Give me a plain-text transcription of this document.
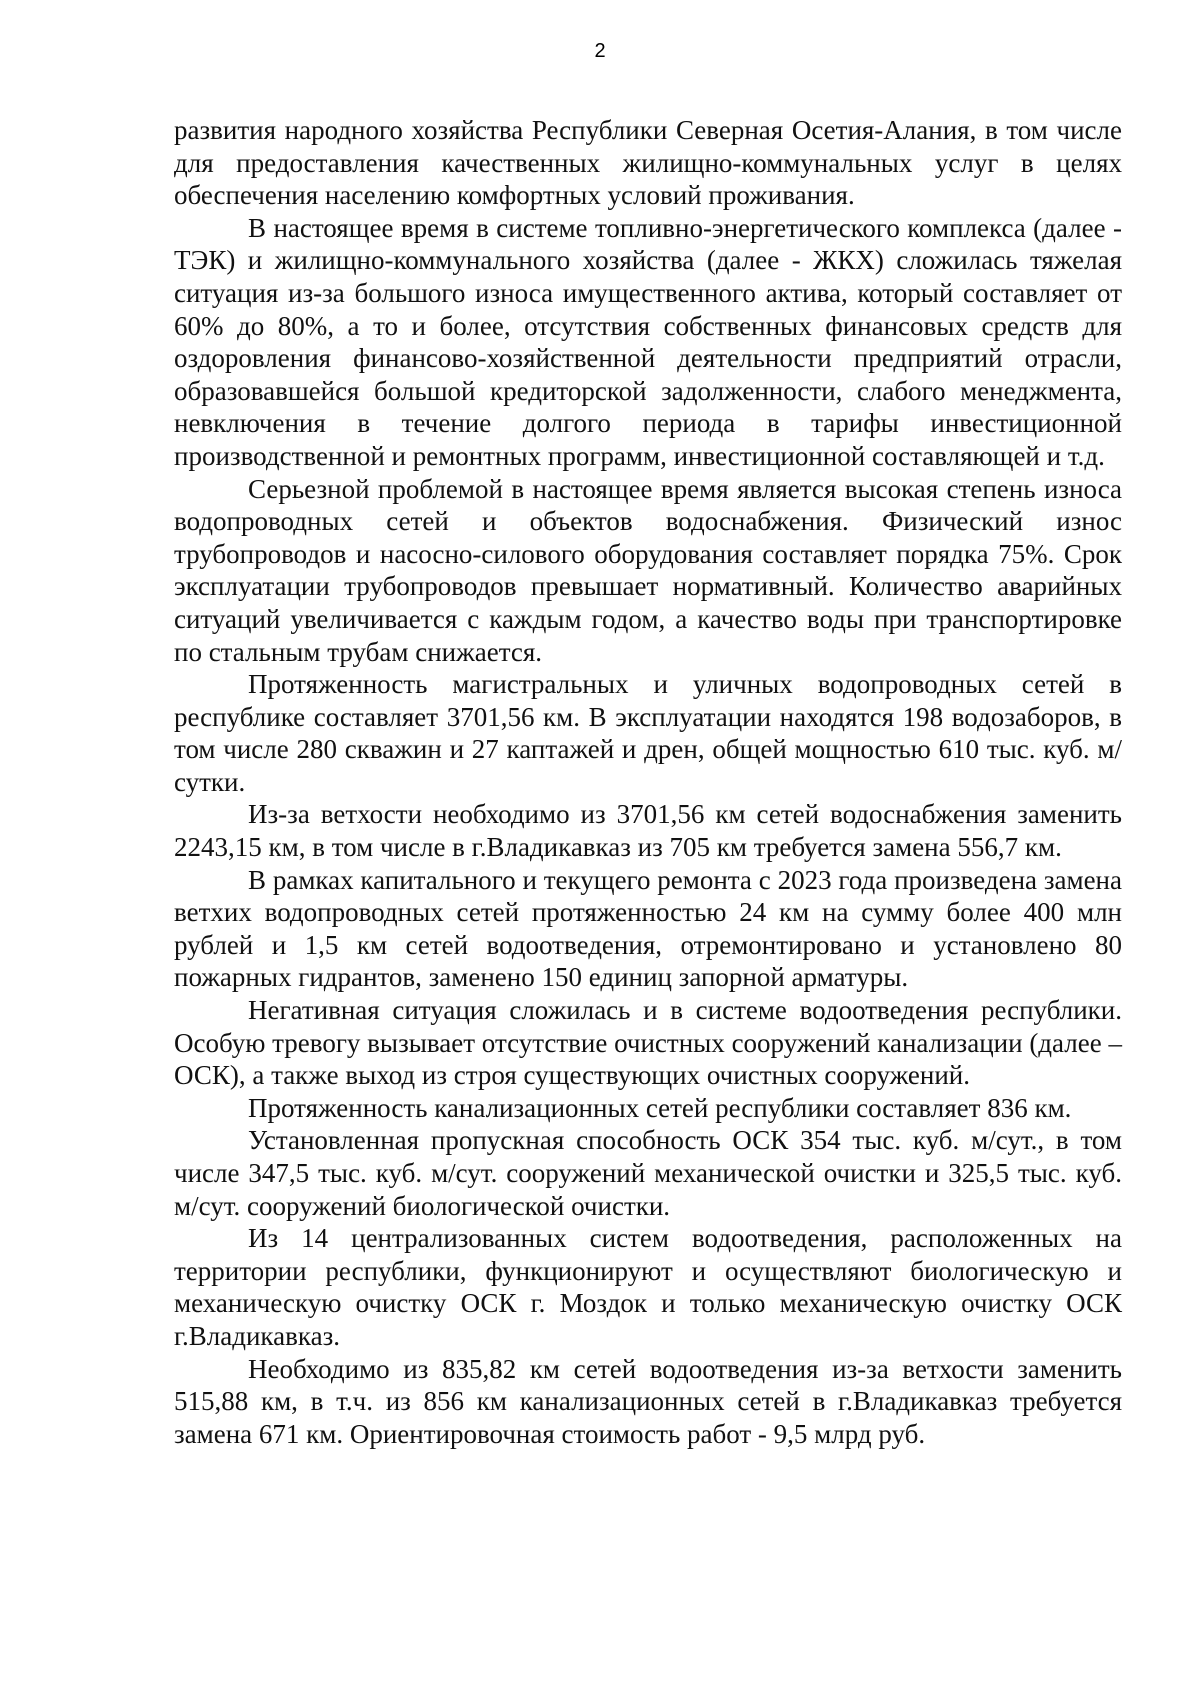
2

развития народного хозяйства Республики Северная Осетия-Алания, в том числе для предоставления качественных жилищно-коммунальных услуг в целях обеспечения населению комфортных условий проживания.

В настоящее время в системе топливно-энергетического комплекса (далее - ТЭК) и жилищно-коммунального хозяйства (далее - ЖКХ) сложилась тяжелая ситуация из-за большого износа имущественного актива, который составляет от 60% до 80%, а то и более, отсутствия собственных финансовых средств для оздоровления финансово-хозяйственной деятельности предприятий отрасли, образовавшейся большой кредиторской задолженности, слабого менеджмента, невключения в течение долгого периода в тарифы инвестиционной производственной и ремонтных программ, инвестиционной составляющей и т.д.

Серьезной проблемой в настоящее время является высокая степень износа водопроводных сетей и объектов водоснабжения. Физический износ трубопроводов и насосно-силового оборудования составляет порядка 75%. Срок эксплуатации трубопроводов превышает нормативный. Количество аварийных ситуаций увеличивается с каждым годом, а качество воды при транспортировке по стальным трубам снижается.

Протяженность магистральных и уличных водопроводных сетей в республике составляет 3701,56 км. В эксплуатации находятся 198 водозаборов, в том числе 280 скважин и 27 каптажей и дрен, общей мощностью 610 тыс. куб. м/сутки.

Из-за ветхости необходимо из 3701,56 км сетей водоснабжения заменить 2243,15 км, в том числе в г.Владикавказ из 705 км требуется замена 556,7 км.

В рамках капитального и текущего ремонта с 2023 года произведена замена ветхих водопроводных сетей протяженностью 24 км на сумму более 400 млн рублей и 1,5 км сетей водоотведения, отремонтировано и установлено 80 пожарных гидрантов, заменено 150 единиц запорной арматуры.

Негативная ситуация сложилась и в системе водоотведения республики. Особую тревогу вызывает отсутствие очистных сооружений канализации (далее – ОСК), а также выход из строя существующих очистных сооружений.

Протяженность канализационных сетей республики составляет 836 км.

Установленная пропускная способность ОСК 354 тыс. куб. м/сут., в том числе 347,5 тыс. куб. м/сут. сооружений механической очистки и 325,5 тыс. куб. м/сут. сооружений биологической очистки.

Из 14 централизованных систем водоотведения, расположенных на территории республики, функционируют и осуществляют биологическую и механическую очистку ОСК г. Моздок и только механическую очистку ОСК г.Владикавказ.

Необходимо из 835,82 км сетей водоотведения из-за ветхости заменить 515,88 км, в т.ч. из 856 км канализационных сетей в г.Владикавказ требуется замена 671 км. Ориентировочная стоимость работ - 9,5 млрд руб.
